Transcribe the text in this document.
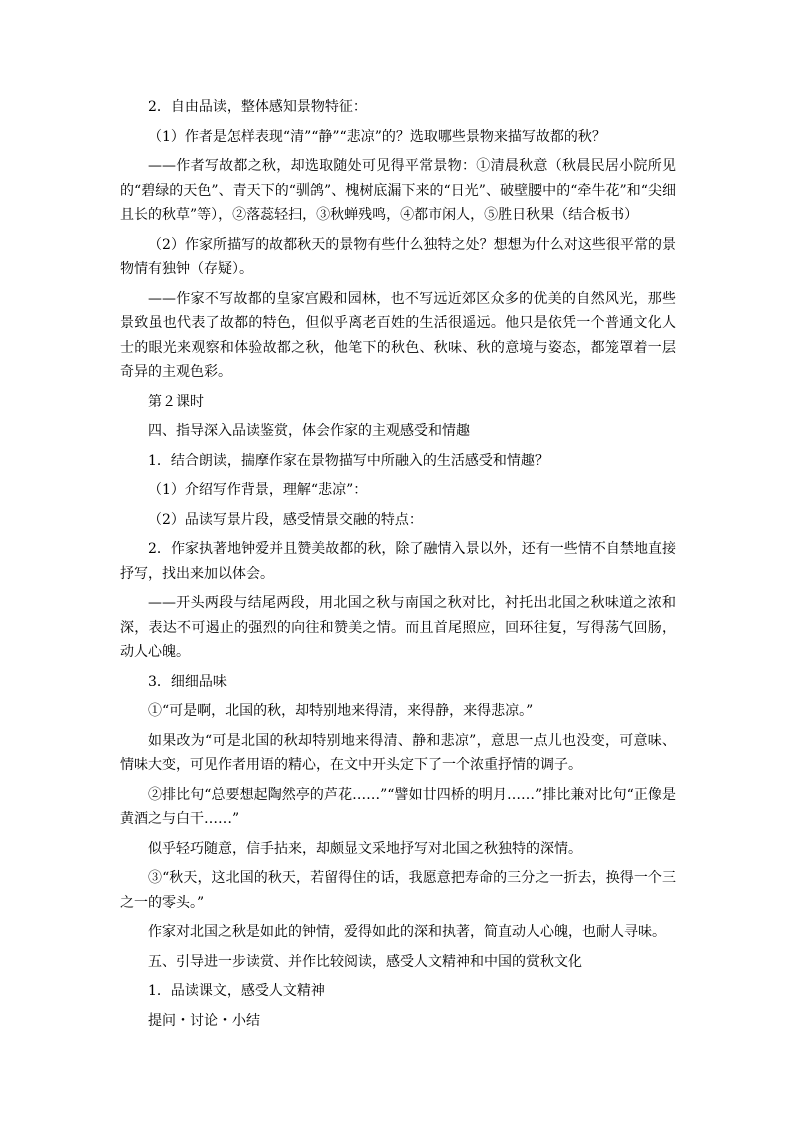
2．自由品读，整体感知景物特征：

（1）作者是怎样表现“清”“静”“悲凉”的？选取哪些景物来描写故都的秋？

——作者写故都之秋，却选取随处可见得平常景物：①清晨秋意（秋晨民居小院所见的“碧绿的天色”、青天下的“驯鸽”、槐树底漏下来的“日光”、破壁腰中的“牵牛花”和“尖细且长的秋草”等），②落蕊轻扫，③秋蝉残鸣，④都市闲人，⑤胜日秋果（结合板书）

（2）作家所描写的故都秋天的景物有些什么独特之处？想想为什么对这些很平常的景物情有独钟（存疑）。

——作家不写故都的皇家宫殿和园林，也不写远近郊区众多的优美的自然风光，那些景致虽也代表了故都的特色，但似乎离老百姓的生活很遥远。他只是依凭一个普通文化人士的眼光来观察和体验故都之秋，他笔下的秋色、秋味、秋的意境与姿态，都笼罩着一层奇异的主观色彩。

第２课时

四、指导深入品读鉴赏，体会作家的主观感受和情趣

1．结合朗读，揣摩作家在景物描写中所融入的生活感受和情趣？

（1）介绍写作背景，理解“悲凉”：

（2）品读写景片段，感受情景交融的特点：

2．作家执著地钟爱并且赞美故都的秋，除了融情入景以外，还有一些情不自禁地直接抒写，找出来加以体会。

——开头两段与结尾两段，用北国之秋与南国之秋对比，衬托出北国之秋味道之浓和深，表达不可遏止的强烈的向往和赞美之情。而且首尾照应，回环往复，写得荡气回肠，动人心魄。

3．细细品味

①“可是啊，北国的秋，却特别地来得清，来得静，来得悲凉。”

如果改为“可是北国的秋却特别地来得清、静和悲凉”，意思一点儿也没变，可意味、情味大变，可见作者用语的精心，在文中开头定下了一个浓重抒情的调子。

②排比句“总要想起陶然亭的芦花……”“譬如廿四桥的明月……”排比兼对比句“正像是黄酒之与白干……”

似乎轻巧随意，信手拈来，却颇显文采地抒写对北国之秋独特的深情。

③“秋天，这北国的秋天，若留得住的话，我愿意把寿命的三分之一折去，换得一个三之一的零头。”

作家对北国之秋是如此的钟情，爱得如此的深和执著，简直动人心魄，也耐人寻味。

五、引导进一步读赏、并作比较阅读，感受人文精神和中国的赏秋文化

1．品读课文，感受人文精神

提问・讨论・小结
